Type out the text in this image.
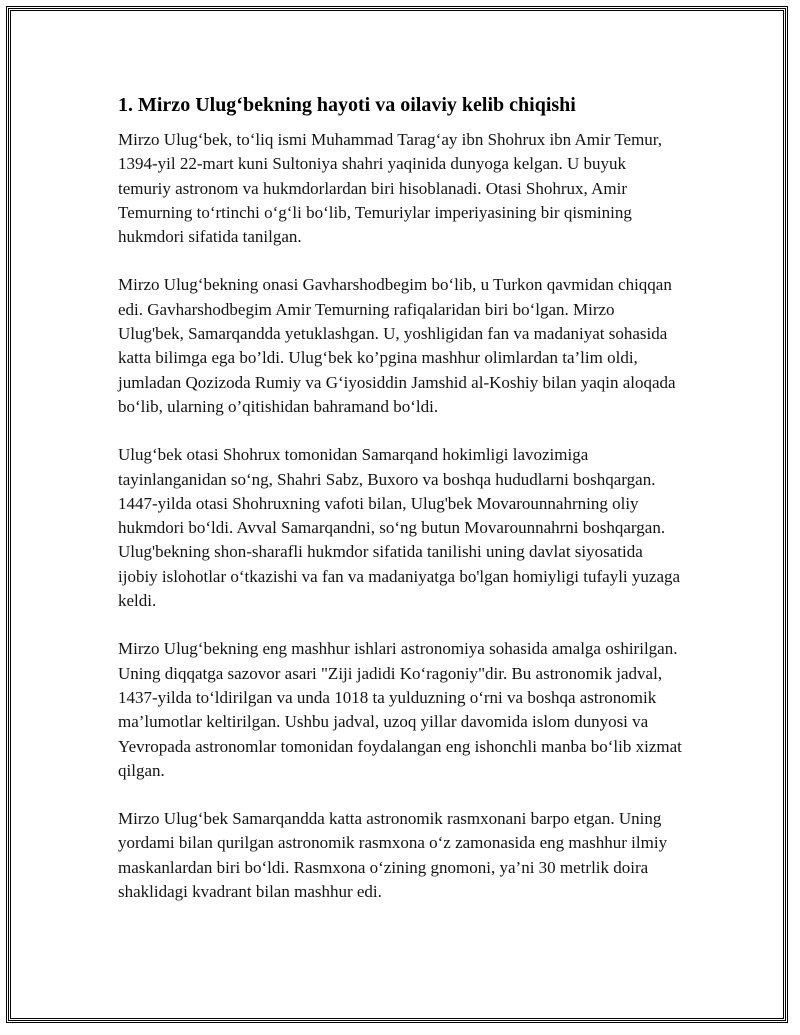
1. Mirzo Ulug‘bekning hayoti va oilaviy kelib chiqishi

Mirzo Ulug‘bek, to‘liq ismi Muhammad Tarag‘ay ibn Shohrux ibn Amir Temur, 1394-yil 22-mart kuni Sultoniya shahri yaqinida dunyoga kelgan. U buyuk temuriy astronom va hukmdorlardan biri hisoblanadi. Otasi Shohrux, Amir Temurning to‘rtinchi o‘g‘li bo‘lib, Temuriylar imperiyasining bir qismining hukmdori sifatida tanilgan.

Mirzo Ulug‘bekning onasi Gavharshodbegim bo‘lib, u Turkon qavmidan chiqqan edi. Gavharshodbegim Amir Temurning rafiqalaridan biri bo‘lgan. Mirzo Ulug'bek, Samarqandda yetuklashgan. U, yoshligidan fan va madaniyat sohasida katta bilimga ega bo’ldi. Ulug‘bek ko’pgina mashhur olimlardan ta’lim oldi, jumladan Qozizoda Rumiy va G‘iyosiddin Jamshid al-Koshiy bilan yaqin aloqada bo‘lib, ularning o’qitishidan bahramand bo‘ldi.

Ulug‘bek otasi Shohrux tomonidan Samarqand hokimligi lavozimiga tayinlanganidan so‘ng, Shahri Sabz, Buxoro va boshqa hududlarni boshqargan. 1447-yilda otasi Shohruxning vafoti bilan, Ulug'bek Movarounnahrning oliy hukmdori bo‘ldi. Avval Samarqandni, so‘ng butun Movarounnahrni boshqargan. Ulug'bekning shon-sharafli hukmdor sifatida tanilishi uning davlat siyosatida ijobiy islohotlar o‘tkazishi va fan va madaniyatga bo'lgan homiyligi tufayli yuzaga keldi.

Mirzo Ulug‘bekning eng mashhur ishlari astronomiya sohasida amalga oshirilgan. Uning diqqatga sazovor asari "Ziji jadidi Ko‘ragoniy"dir. Bu astronomik jadval, 1437-yilda to‘ldirilgan va unda 1018 ta yulduzning o‘rni va boshqa astronomik ma’lumotlar keltirilgan. Ushbu jadval, uzoq yillar davomida islom dunyosi va Yevropada astronomlar tomonidan foydalangan eng ishonchli manba bo‘lib xizmat qilgan.

Mirzo Ulug‘bek Samarqandda katta astronomik rasmxonani barpo etgan. Uning yordami bilan qurilgan astronomik rasmxona o‘z zamonasida eng mashhur ilmiy maskanlardan biri bo‘ldi. Rasmxona o‘zining gnomoni, ya’ni 30 metrlik doira shaklidagi kvadrant bilan mashhur edi.
